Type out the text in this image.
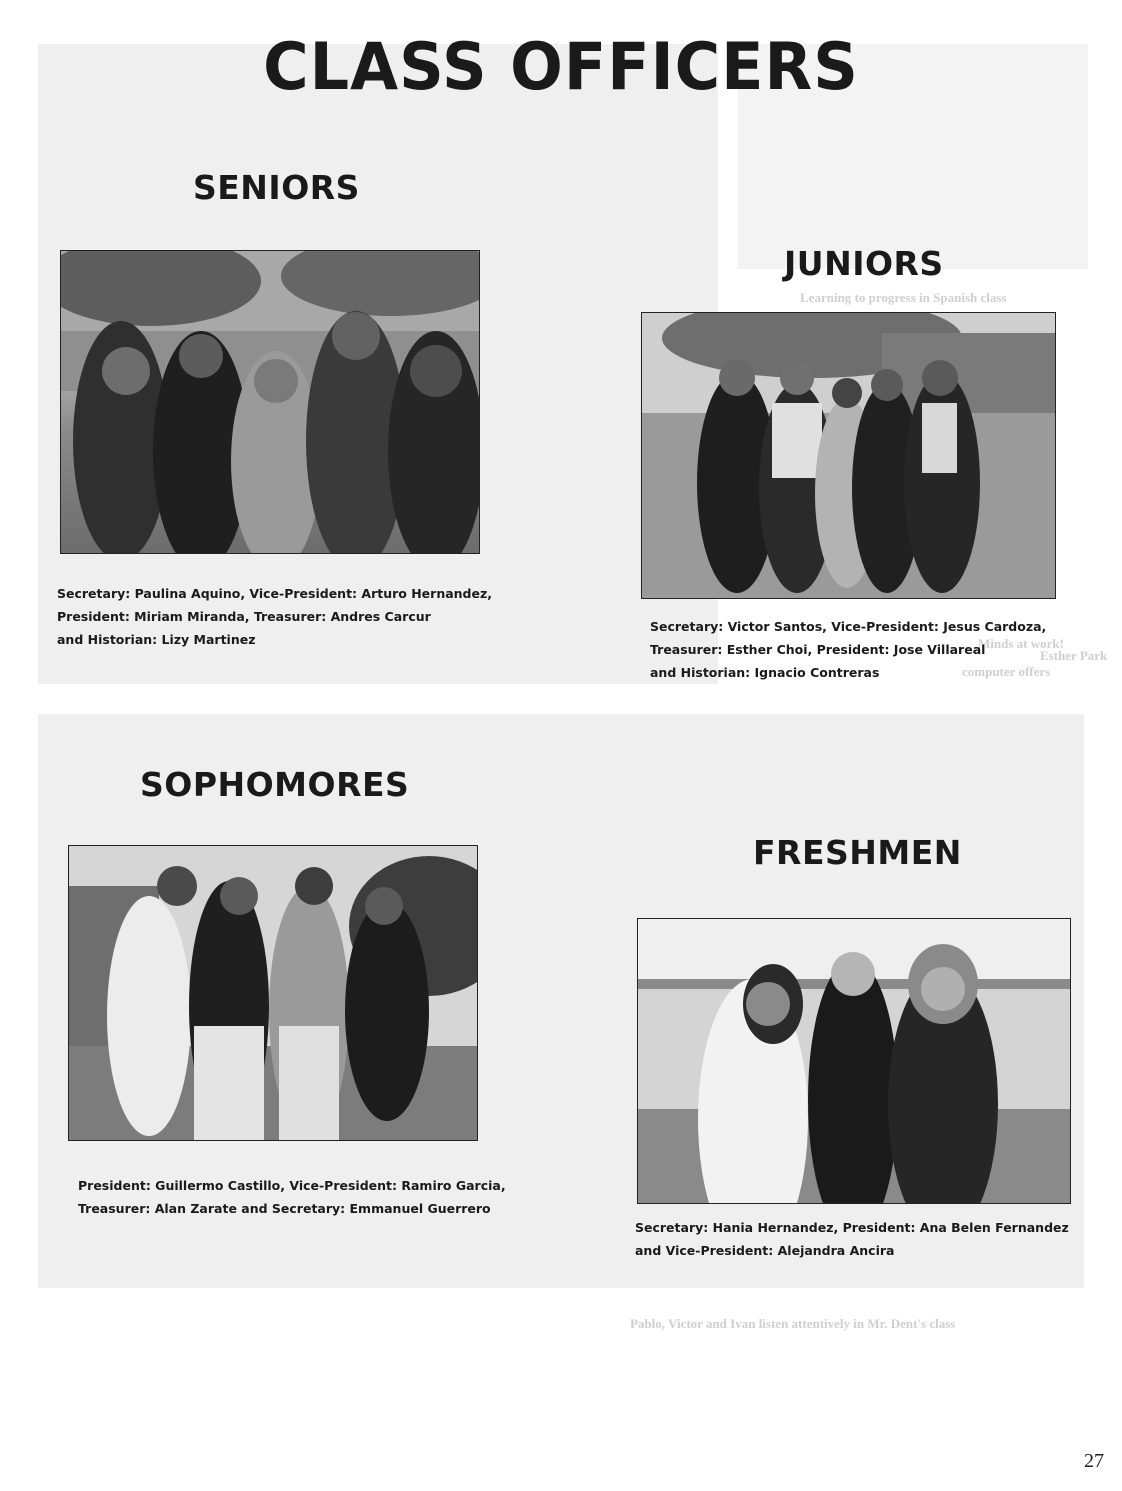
Learning to progress in Spanish class
Esther Park
Minds at work!
computer offers
Pablo, Victor and Ivan listen attentively in Mr. Dent's class
CLASS OFFICERS
SENIORS
Secretary: Paulina Aquino, Vice-President: Arturo Hernandez,
President: Miriam Miranda, Treasurer: Andres Carcur
and Historian: Lizy Martinez
JUNIORS
Secretary: Victor Santos, Vice-President: Jesus Cardoza,
Treasurer: Esther Choi, President: Jose Villareal
and Historian: Ignacio Contreras
SOPHOMORES
President: Guillermo Castillo, Vice-President: Ramiro Garcia,
Treasurer: Alan Zarate and Secretary: Emmanuel Guerrero
FRESHMEN
Secretary: Hania Hernandez, President: Ana Belen Fernandez
and Vice-President: Alejandra Ancira
27
